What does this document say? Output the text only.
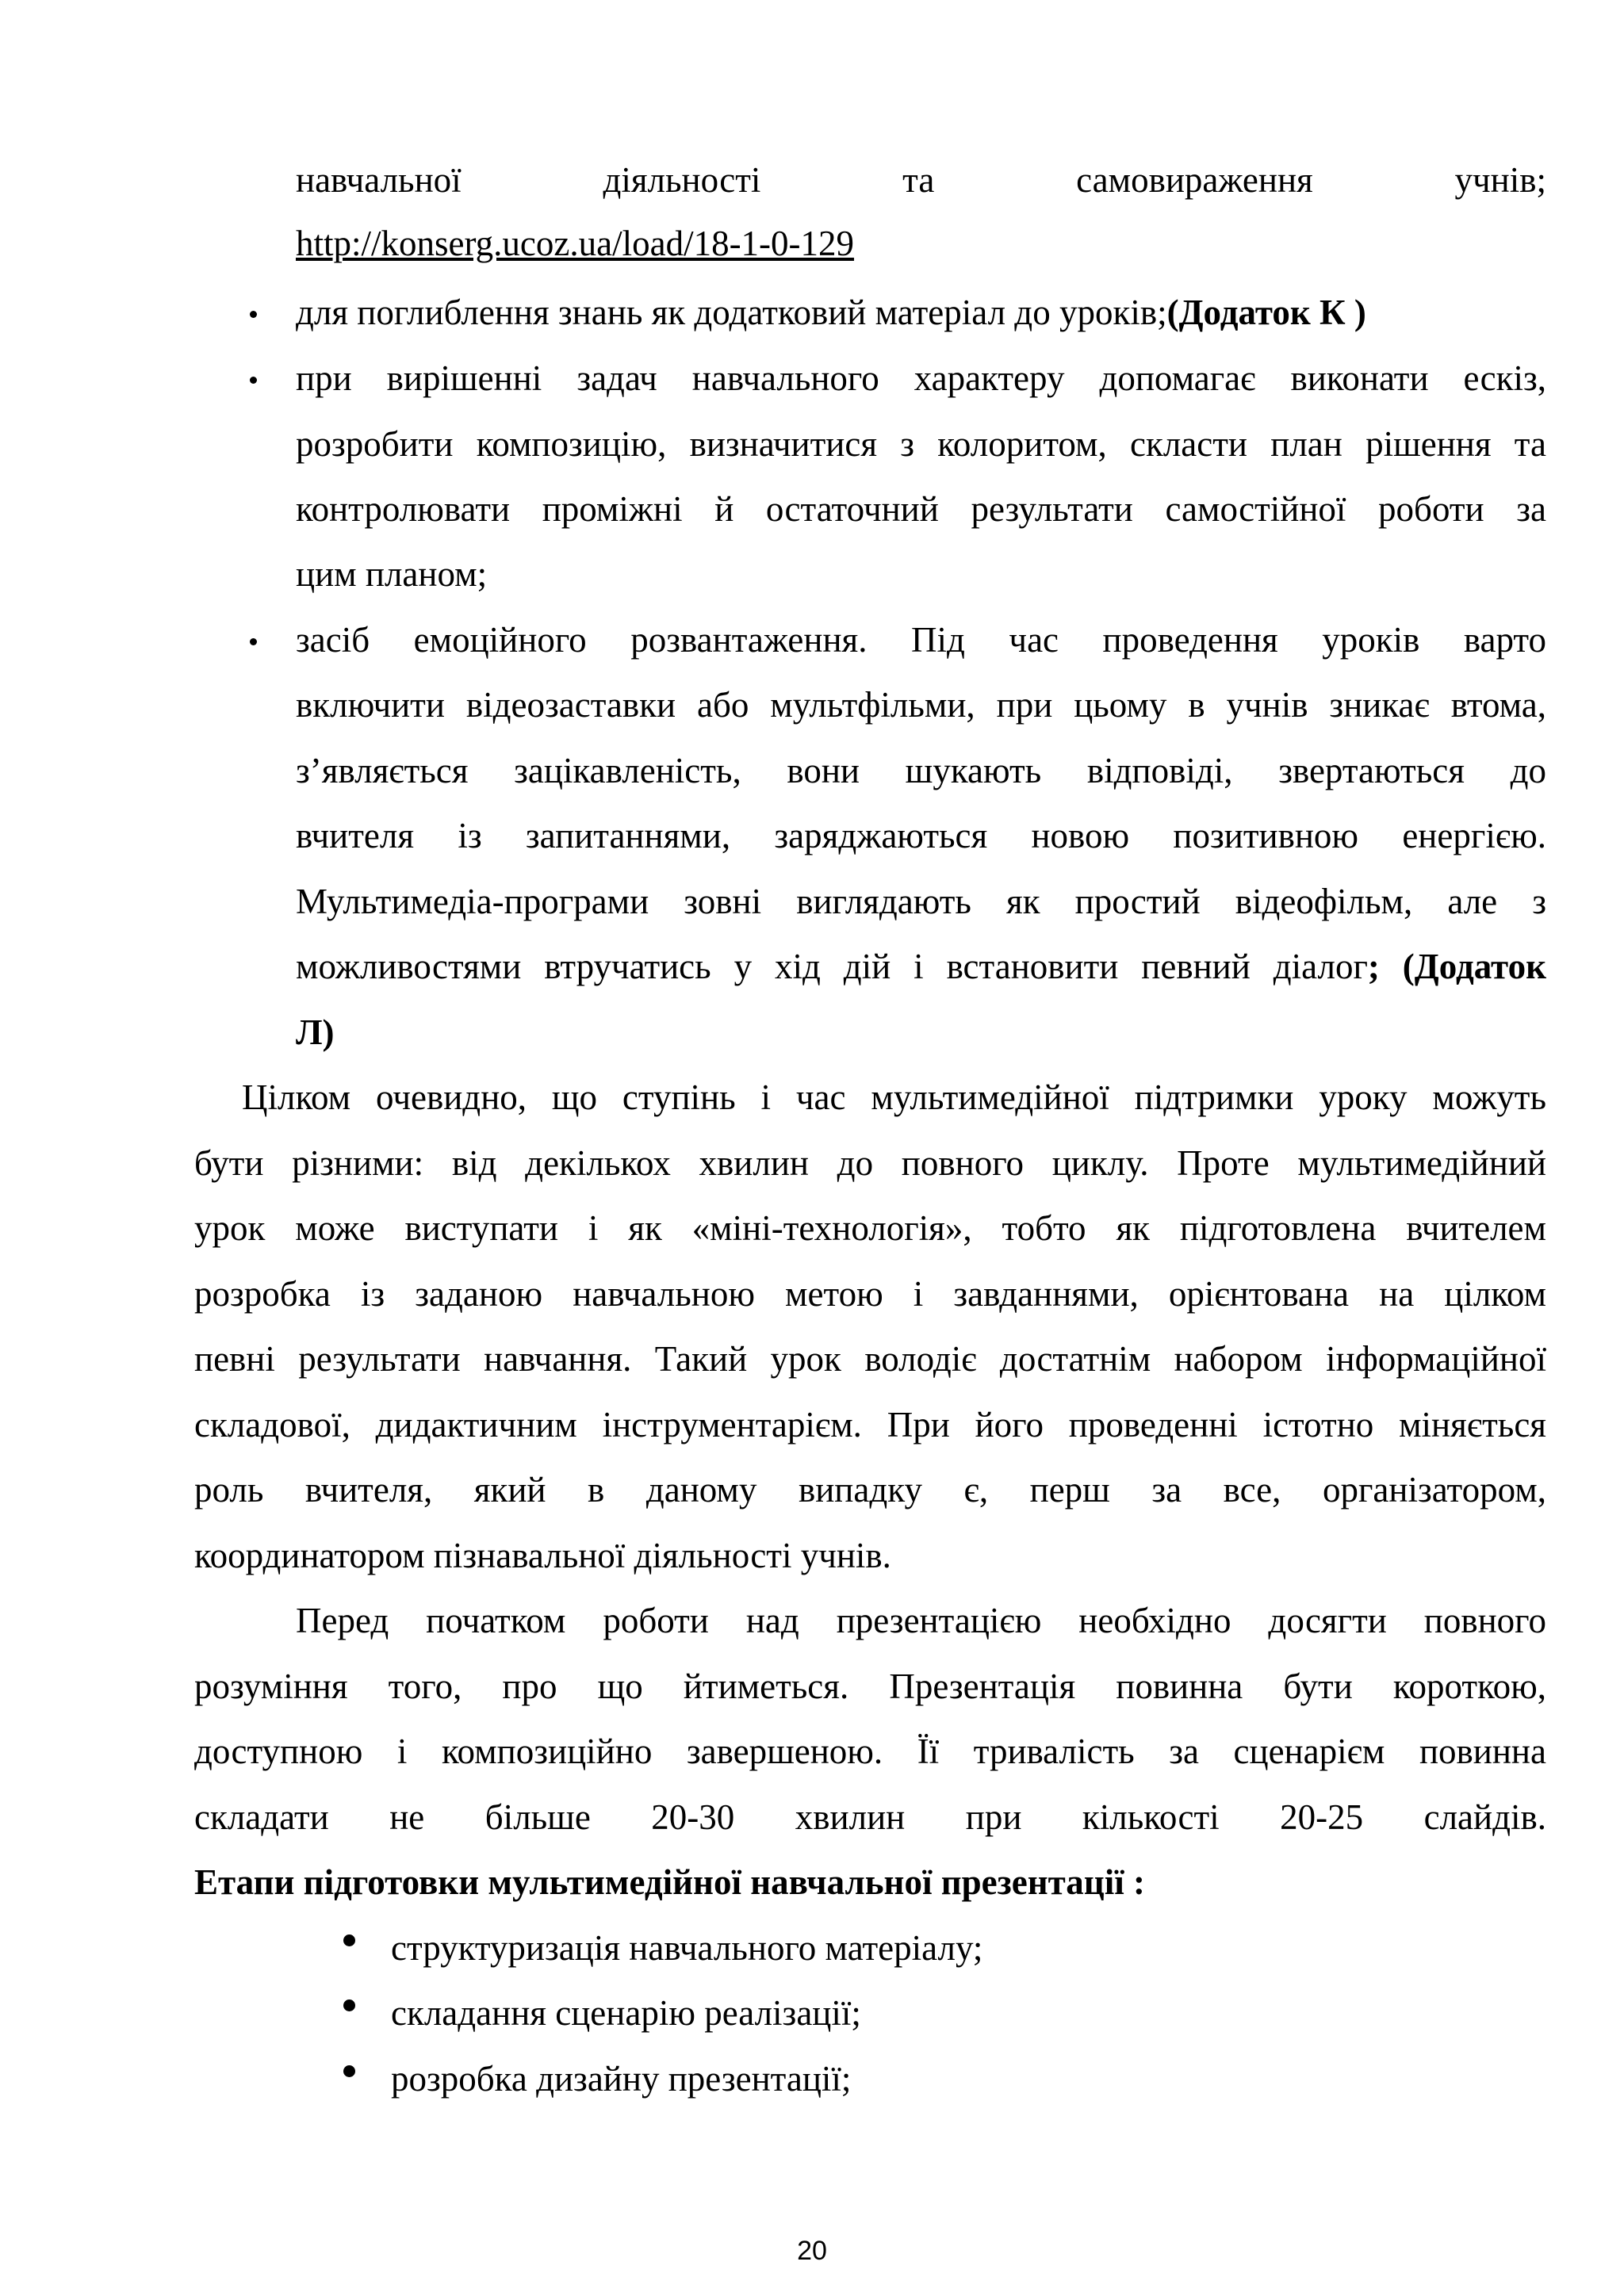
навчальної діяльності та самовираження учнів;
http://konserg.ucoz.ua/load/18-1-0-129
для поглиблення знань як додатковий матеріал до уроків;(Додаток К )
при вирішенні задач навчального характеру допомагає виконати ескіз,
розробити композицію, визначитися з колоритом, скласти план рішення та
контролювати проміжні й остаточний результати самостійної роботи за
цим планом;
засіб емоційного розвантаження. Під час проведення уроків варто
включити відеозаставки або мультфільми, при цьому в учнів зникає втома,
з’являється зацікавленість, вони шукають відповіді, звертаються до
вчителя із запитаннями, заряджаються новою позитивною енергією.
Мультимедіа-програми зовні виглядають як простий відеофільм, але з
можливостями втручатись у хід дій і встановити певний діалог; (Додаток
Л)
Цілком очевидно, що ступінь і час мультимедійної підтримки уроку можуть
бути різними: від декількох хвилин до повного циклу. Проте мультимедійний
урок може виступати і як «міні-технологія», тобто як підготовлена вчителем
розробка із заданою навчальною метою і завданнями, орієнтована на цілком
певні результати навчання. Такий урок володіє достатнім набором інформаційної
складової, дидактичним інструментарієм. При його проведенні істотно міняється
роль вчителя, який в даному випадку є, перш за все, організатором,
координатором пізнавальної діяльності учнів.
Перед початком роботи над презентацією необхідно досягти повного
розуміння того, про що йтиметься. Презентація повинна бути короткою,
доступною і композиційно завершеною. Її тривалість за сценарієм повинна
складати не більше 20-30 хвилин при кількості 20-25 слайдів.
Етапи підготовки мультимедійної навчальної презентації :
структуризація навчального матеріалу;
складання сценарію реалізації;
розробка дизайну презентації;
20
